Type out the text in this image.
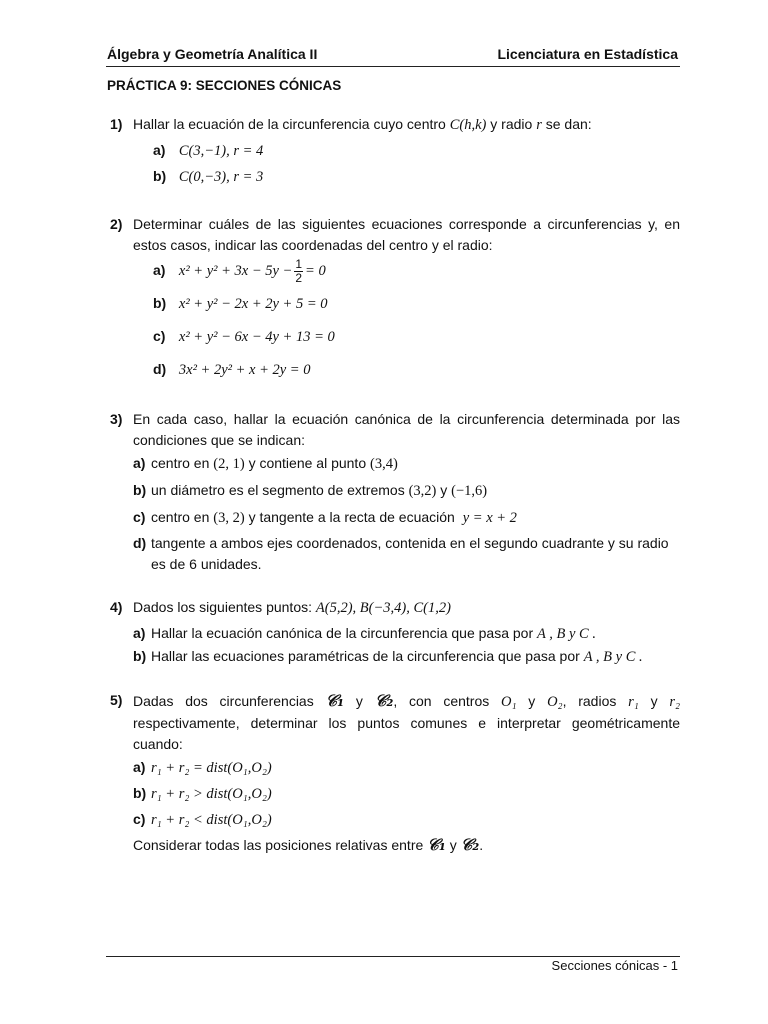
Álgebra y Geometría Analítica II	Licenciatura en Estadística
PRÁCTICA 9: SECCIONES CÓNICAS
1) Hallar la ecuación de la circunferencia cuyo centro C(h,k) y radio r se dan:
a) C(3,−1), r = 4
b) C(0,−3), r = 3
2) Determinar cuáles de las siguientes ecuaciones corresponde a circunferencias y, en estos casos, indicar las coordenadas del centro y el radio:
a) $x^2 + y^2 + 3x - 5y - \frac{1}{2} = 0$
b) x² + y² − 2x + 2y + 5 = 0
c) x² + y² − 6x − 4y + 13 = 0
d) 3x² + 2y² + x + 2y = 0
3) En cada caso, hallar la ecuación canónica de la circunferencia determinada por las condiciones que se indican:
a) centro en (2, 1) y contiene al punto (3,4)
b) un diámetro es el segmento de extremos (3,2) y (−1,6)
c) centro en (3, 2) y tangente a la recta de ecuación y = x + 2
d) tangente a ambos ejes coordenados, contenida en el segundo cuadrante y su radio es de 6 unidades.
4) Dados los siguientes puntos: A(5,2), B(−3,4), C(1,2)
a) Hallar la ecuación canónica de la circunferencia que pasa por A , B y C .
b) Hallar las ecuaciones paramétricas de la circunferencia que pasa por A , B y C .
5) Dadas dos circunferencias 𝒞₁ y 𝒞₂, con centros O₁ y O₂, radios r₁ y r₂ respectivamente, determinar los puntos comunes e interpretar geométricamente cuando:
a) r₁ + r₂ = dist(O₁,O₂)
b) r₁ + r₂ > dist(O₁,O₂)
c) r₁ + r₂ < dist(O₁,O₂)
Considerar todas las posiciones relativas entre 𝒞₁ y 𝒞₂.
Secciones cónicas - 1
